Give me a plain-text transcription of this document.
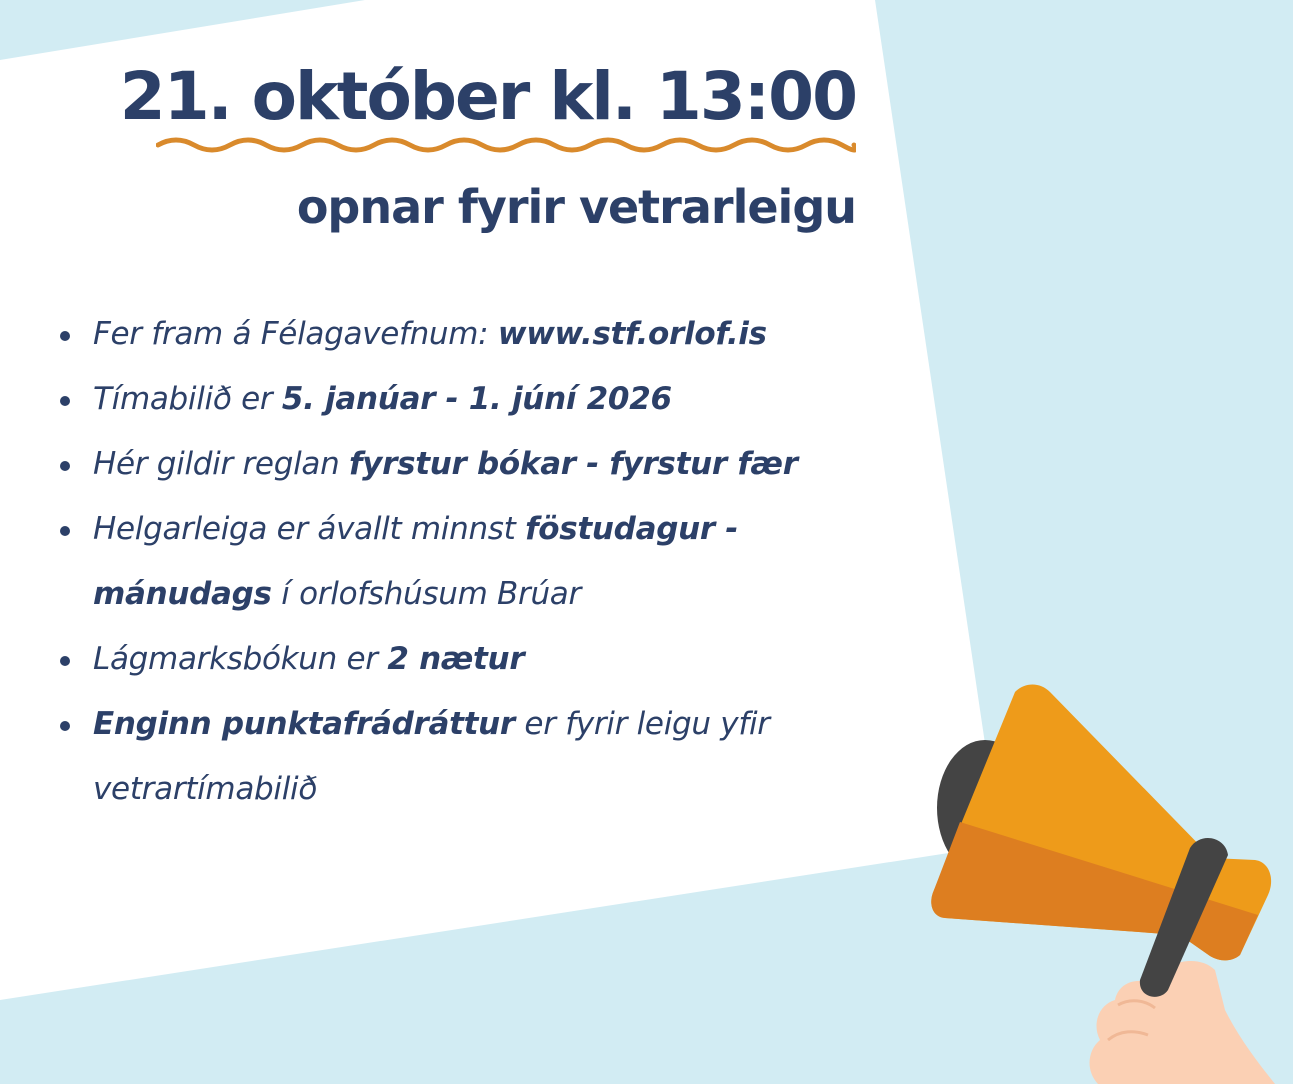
21. október kl. 13:00
opnar fyrir vetrarleigu
Fer fram á Félagavefnum: www.stf.orlof.is
Tímabilið er 5. janúar - 1. júní 2026
Hér gildir reglan fyrstur bókar - fyrstur fær
Helgarleiga er ávallt minnst föstudagur - mánudags í orlofshúsum Brúar
Lágmarksbókun er 2 nætur
Enginn punktafrádráttur er fyrir leigu yfir vetrartímabilið
